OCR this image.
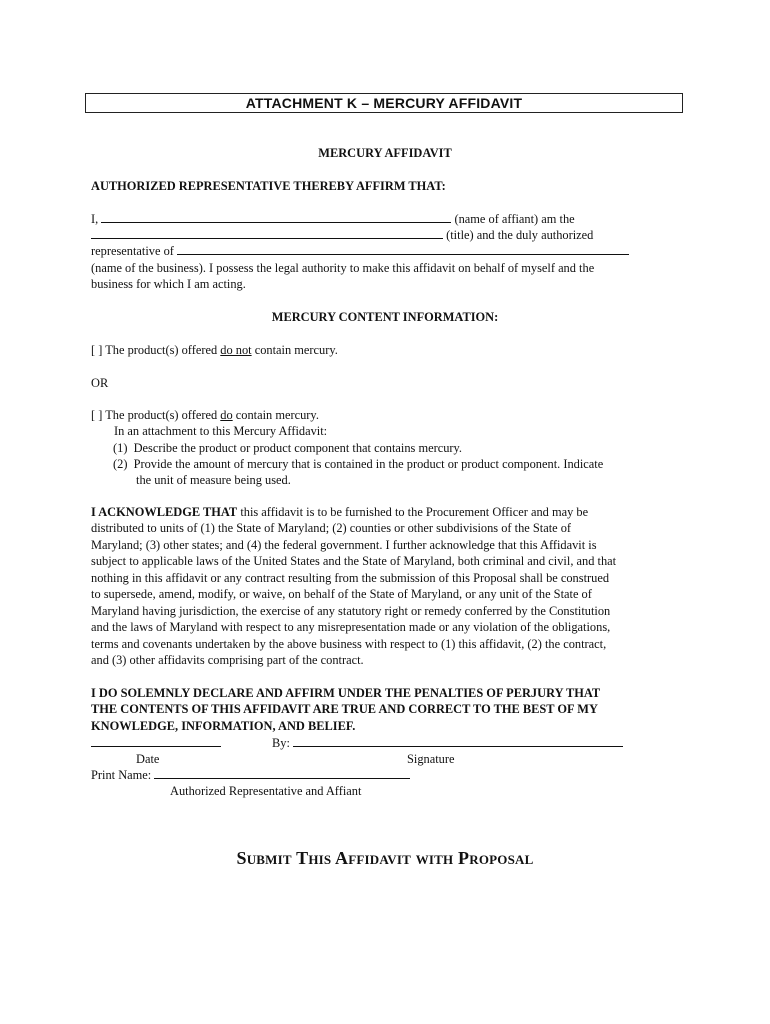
ATTACHMENT K – MERCURY AFFIDAVIT
MERCURY AFFIDAVIT
AUTHORIZED REPRESENTATIVE THEREBY AFFIRM THAT:
I,	(name of affiant) am the
(title) and the duly authorized
representative of
(name of the business). I possess the legal authority to make this affidavit on behalf of myself and the
business for which I am acting.
MERCURY CONTENT INFORMATION:
[ ] The product(s) offered do not contain mercury.
OR
[ ] The product(s) offered do contain mercury.
In an attachment to this Mercury Affidavit:
(1) Describe the product or product component that contains mercury.
(2) Provide the amount of mercury that is contained in the product or product component. Indicate
the unit of measure being used.
I ACKNOWLEDGE THAT this affidavit is to be furnished to the Procurement Officer and may be
distributed to units of (1) the State of Maryland; (2) counties or other subdivisions of the State of
Maryland; (3) other states; and (4) the federal government. I further acknowledge that this Affidavit is
subject to applicable laws of the United States and the State of Maryland, both criminal and civil, and that
nothing in this affidavit or any contract resulting from the submission of this Proposal shall be construed
to supersede, amend, modify, or waive, on behalf of the State of Maryland, or any unit of the State of
Maryland having jurisdiction, the exercise of any statutory right or remedy conferred by the Constitution
and the laws of Maryland with respect to any misrepresentation made or any violation of the obligations,
terms and covenants undertaken by the above business with respect to (1) this affidavit, (2) the contract,
and (3) other affidavits comprising part of the contract.
I DO SOLEMNLY DECLARE AND AFFIRM UNDER THE PENALTIES OF PERJURY THAT
THE CONTENTS OF THIS AFFIDAVIT ARE TRUE AND CORRECT TO THE BEST OF MY
KNOWLEDGE, INFORMATION, AND BELIEF.
By:
Date	Signature
Print Name:
Authorized Representative and Affiant
Submit This Affidavit with Proposal
